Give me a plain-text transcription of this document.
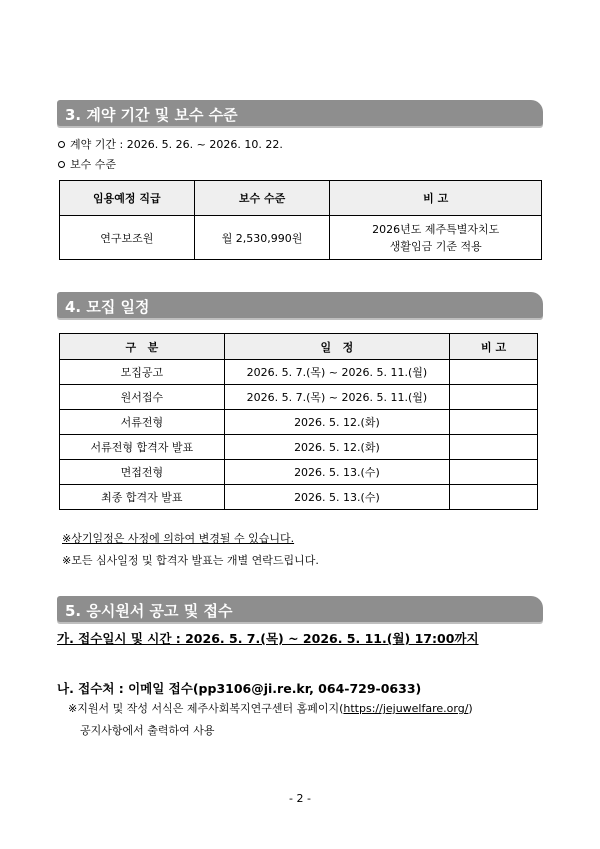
3. 계약 기간 및 보수 수준
계약 기간 : 2026. 5. 26. ~ 2026. 10. 22.
보수 수준
임용예정 직급	보수 수준	비 고
연구보조원	월 2,530,990원	2026년도 제주특별자치도
생활임금 기준 적용
4. 모집 일정
구   분	일   정	비 고
모집공고	2026. 5. 7.(목) ~ 2026. 5. 11.(월)	
원서접수	2026. 5. 7.(목) ~ 2026. 5. 11.(월)	
서류전형	2026. 5. 12.(화)	
서류전형 합격자 발표	2026. 5. 12.(화)	
면접전형	2026. 5. 13.(수)	
최종 합격자 발표	2026. 5. 13.(수)	
※상기일정은 사정에 의하여 변경될 수 있습니다.
※모든 심사일정 및 합격자 발표는 개별 연락드립니다.
5. 응시원서 공고 및 접수
가. 접수일시 및 시간 : 2026. 5. 7.(목) ~ 2026. 5. 11.(월) 17:00까지
나. 접수처 : 이메일 접수(pp3106@ji.re.kr, 064-729-0633)
※지원서 및 작성 서식은 제주사회복지연구센터 홈페이지(https://jejuwelfare.org/)
공지사항에서 출력하여 사용
- 2 -
